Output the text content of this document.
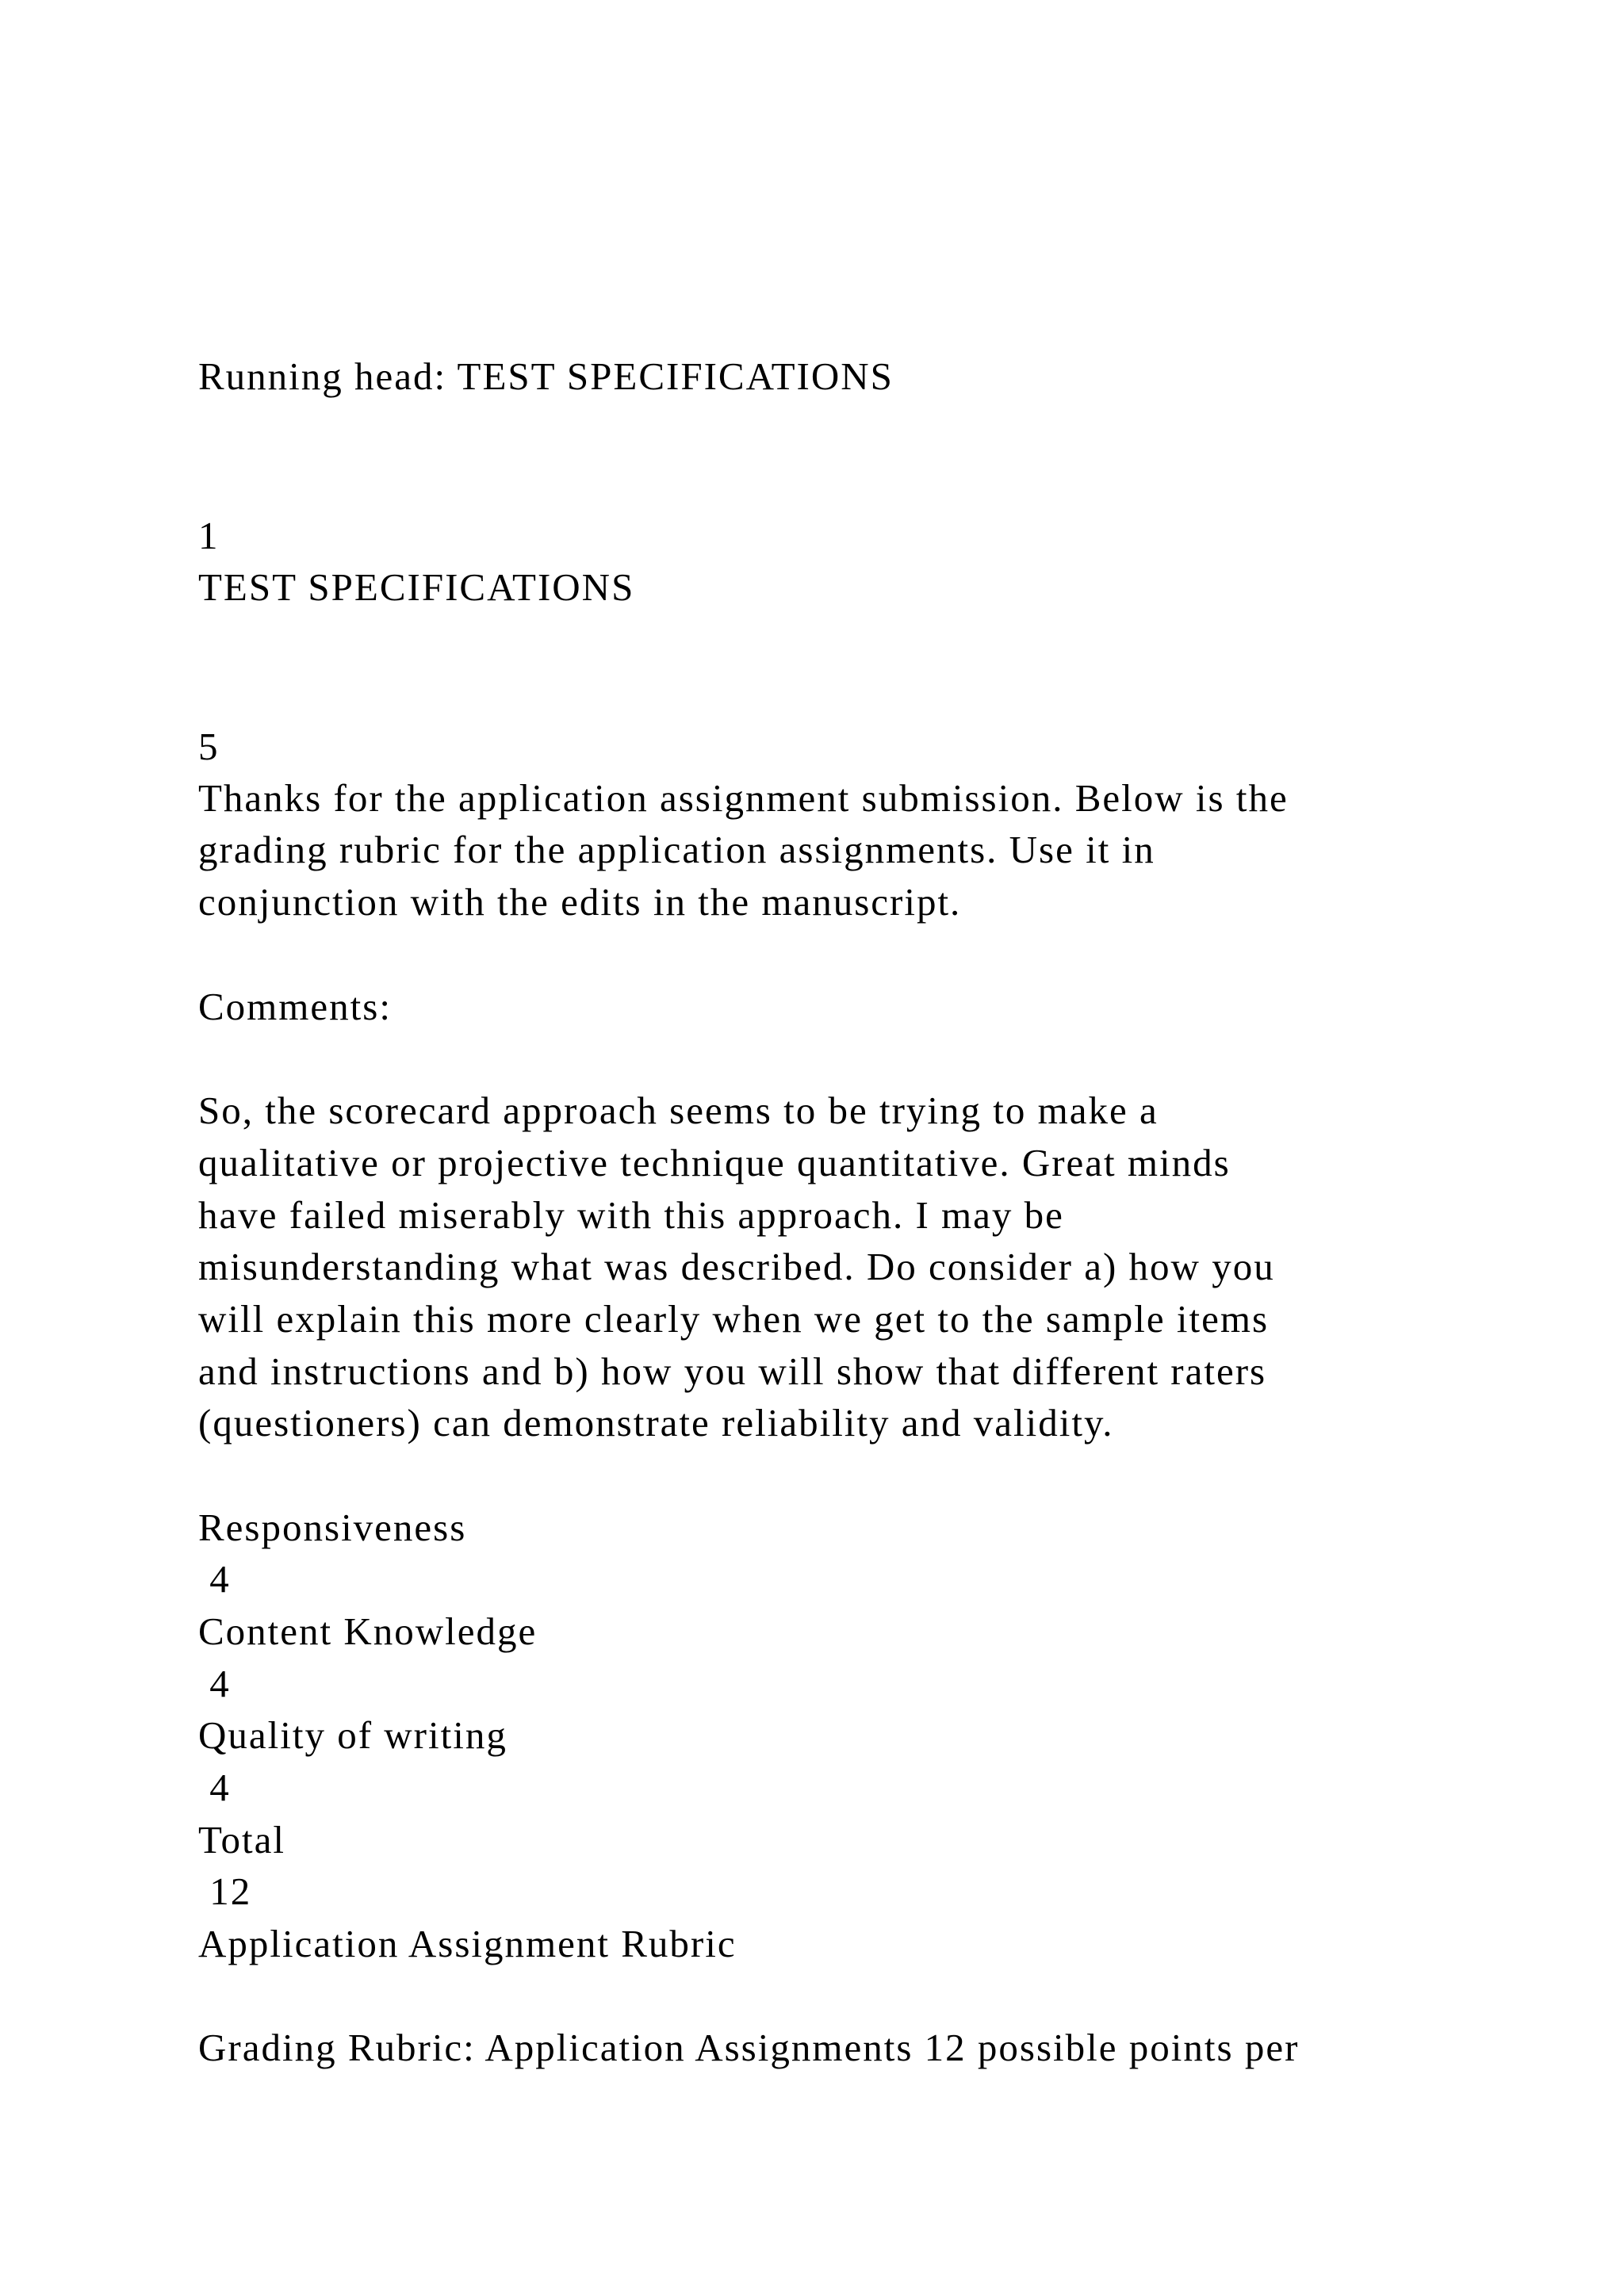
Running head: TEST SPECIFICATIONS
1
TEST SPECIFICATIONS
5
Thanks for the application assignment submission. Below is the
grading rubric for the application assignments. Use it in
conjunction with the edits in the manuscript.
Comments:
So, the scorecard approach seems to be trying to make a
qualitative or projective technique quantitative. Great minds
have failed miserably with this approach. I may be
misunderstanding what was described. Do consider a) how you
will explain this more clearly when we get to the sample items
and instructions and b) how you will show that different raters
(questioners) can demonstrate reliability and validity.
Responsiveness
4
Content Knowledge
4
Quality of writing
4
Total
12
Application Assignment Rubric
Grading Rubric: Application Assignments 12 possible points per
